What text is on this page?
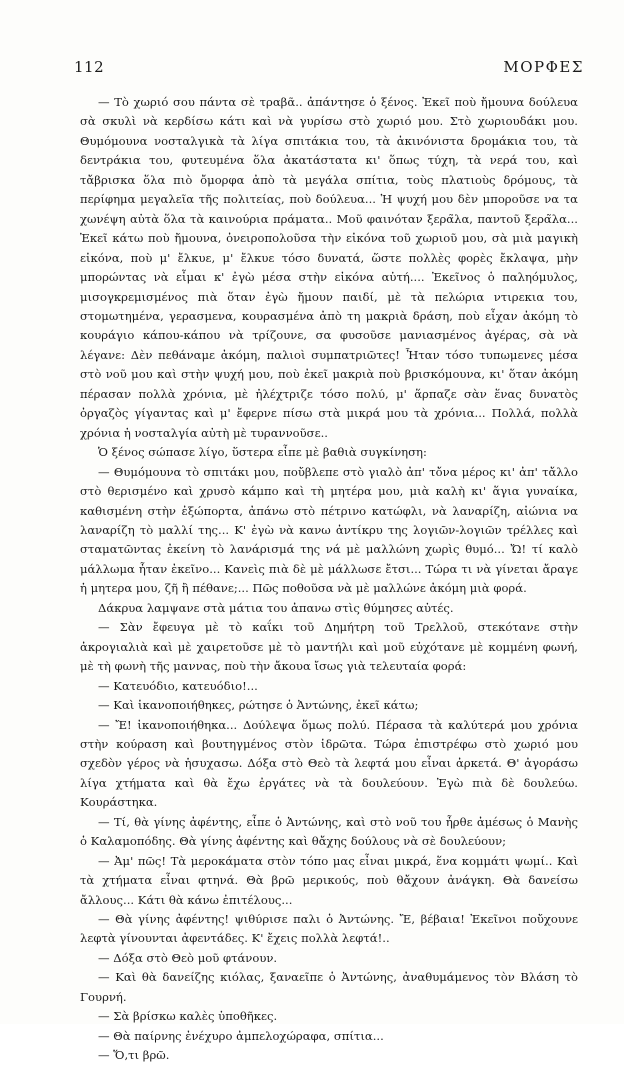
112	ΜΟΡΦΕΣ

— Τὸ χωριό σου πάντα σὲ τραβᾶ.. ἀπάντησε ὁ ξένος. Ἐκεῖ ποὺ ἤμουνα δούλευα σὰ σκυλὶ νὰ κερδίσω κάτι καὶ νὰ γυρίσω στὸ χωριό μου. Στὸ χωριουδάκι μου. Θυμόμουνα νοσταλγικὰ τὰ λίγα σπιτάκια του, τὰ ἀκινόνιστα δρομάκια του, τὰ δεντράκια του, φυτευμένα ὅλα ἀκατάστατα κι' ὅπως τύχη, τὰ νερά του, καὶ τἄβρισκα ὅλα πιὸ ὄμορφα ἀπὸ τὰ μεγάλα σπίτια, τοὺς πλατιοὺς δρόμους, τὰ περίφημα μεγαλεῖα τῆς πολιτείας, ποὺ δούλευα... Ἡ ψυχή μου δὲν μποροῦσε να τα χωνέψη αὐτὰ ὅλα τὰ καινούρια πράματα.. Μοῦ φαινόταν ξερα̃λα, παντοῦ ξερα̃λα... Ἐκεῖ κάτω ποὺ ἤμουνα, ὀνειροπολοῦσα τὴν εἰκόνα τοῦ χωριοῦ μου, σὰ μιὰ μαγικὴ εἰκόνα, ποὺ μ' ἔλκυε, μ' ἔλκυε τόσο δυνατά, ὥστε πολλὲς φορὲς ἔκλαψα, μὴν μπορώντας νὰ εἶμαι κ' ἐγὼ μέσα στὴν εἰκόνα αὐτή.... Ἐκεῖνος ὁ παληόμυλος, μισογκρεμισμένος πιὰ ὅταν ἐγὼ ἤμουν παιδί, μὲ τὰ πελώρια ντιρεκια του, στομωτημένα, γερασμενα, κουρασμένα ἀπὸ τη μακριὰ δράση, ποὺ εἶχαν ἀκόμη τὸ κουράγιο κάπου-κάπου νὰ τρίζουνε, σα φυσοῦσε μανιασμένος ἀγέρας, σὰ νὰ λέγανε: Δὲν πεθάναμε ἀκόμη, παλιοὶ συμπατριῶτες! Ἦταν τόσο τυπωμενες μέσα στὸ νοῦ μου καὶ στὴν ψυχή μου, ποὺ ἐκεῖ μακριὰ ποὺ βρισκόμουνα, κι' ὅταν ἀκόμη πέρασαν πολλὰ χρόνια, μὲ ἠλέχτριζε τόσο πολύ, μ' ἅρπαζε σὰν ἕνας δυνατὸς ὀργαζὸς γίγαντας καὶ μ' ἔφερνε πίσω στὰ μικρά μου τὰ χρόνια... Πολλά, πολλὰ χρόνια ἡ νοσταλγία αὐτὴ μὲ τυραννοῦσε..

Ὁ ξένος σώπασε λίγο, ὕστερα εἶπε μὲ βαθιὰ συγκίνηση:

— Θυμόμουνα τὸ σπιτάκι μου, ποὔβλεπε στὸ γιαλὸ ἀπ' τὄνα μέρος κι' ἀπ' τἄλλο στὸ θερισμένο καὶ χρυσὸ κάμπο καὶ τὴ μητέρα μου, μιὰ καλὴ κι' ἅγια γυναίκα, καθισμένη στὴν ἐξώπορτα, ἀπάνω στὸ πέτρινο κατώφλι, νὰ λαναρίζη, αἰώνια να λαναρίζη τὸ μαλλί της... Κ' ἐγὼ νὰ κανω ἀντίκρυ της λογιῶν-λογιῶν τρέλλες καὶ σταματῶντας ἐκείνη τὸ λανάρισμά της νά μὲ μαλλώνη χωρὶς θυμό... Ὤ! τί καλὸ μάλλωμα ἦταν ἐκεῖνο... Κανεὶς πιὰ δὲ μὲ μάλλωσε ἔτσι... Τώρα τι νὰ γίνεται ἄραγε ἡ μητερα μου, ζῆ ἢ πέθανε;... Πῶς ποθοῦσα νὰ μὲ μαλλώνε ἀκόμη μιὰ φορά.

Δάκρυα λαμψανε στὰ μάτια του ἀπανω στὶς θύμησες αὐτές.

— Σὰν ἔφευγα μὲ τὸ καΐκι τοῦ Δημήτρη τοῦ Τρελλοῦ, στεκότανε στὴν ἀκρογιαλιὰ καὶ μὲ χαιρετοῦσε μὲ τὸ μαντήλι καὶ μοῦ εὐχότανε μὲ κομμένη φωνή, μὲ τὴ φωνὴ τῆς μαννας, ποὺ τὴν ἄκουα ἴσως γιὰ τελευταία φορά:

— Κατευόδιο, κατευόδιο!...

— Καὶ ἱκανοποιήθηκες, ρώτησε ὁ Ἀντώνης, ἐκεῖ κάτω;

— Ἔ! ἱκανοποιήθηκα... Δούλεψα ὅμως πολύ. Πέρασα τὰ καλύτερά μου χρόνια στὴν κούραση καὶ βουτηγμένος στὸν ἱδρῶτα. Τώρα ἐπιστρέφω στὸ χωριό μου σχεδὸν γέρος νὰ ἡσυχασω. Δόξα στὸ Θεὸ τὰ λεφτά μου εἶναι ἀρκετά. Θ' ἀγοράσω λίγα χτήματα καὶ θὰ ἔχω ἐργάτες νὰ τὰ δουλεύουν. Ἐγὼ πιὰ δὲ δουλεύω. Κουράστηκα.

— Τί, θὰ γίνης ἀφέντης, εἶπε ὁ Ἀντώνης, καὶ στὸ νοῦ του ἦρθε ἀμέσως ὁ Μανὴς ὁ Καλαμοπόδης. Θὰ γίνης ἀφέντης καὶ θἄχης δούλους νὰ σὲ δουλεύουν;

— Ἀμ' πῶς! Τὰ μεροκάματα στὸν τόπο μας εἶναι μικρά, ἕνα κομμάτι ψωμί.. Καὶ τὰ χτήματα εἶναι φτηνά. Θὰ βρῶ μερικούς, ποὺ θἄχουν ἀνάγκη. Θὰ δανείσω ἄλλους... Κάτι θὰ κάνω ἐπιτέλους...

— Θὰ γίνης ἀφέντης! ψιθύρισε παλι ὁ Ἀντώνης. Ἔ, βέβαια! Ἐκεῖνοι ποὔχουνε λεφτὰ γίνουνται ἀφεντάδες. Κ' ἔχεις πολλὰ λεφτά!..

— Δόξα στὸ Θεὸ μοῦ φτάνουν.

— Καὶ θὰ δανείζης κιόλας, ξαναεῖπε ὁ Ἀντώνης, ἀναθυμάμενος τὸν Βλάση τὸ Γουρνή.

— Σὰ βρίσκω καλὲς ὑποθῆκες.

— Θὰ παίρνης ἐνέχυρο ἀμπελοχώραφα, σπίτια...

— Ὅ,τι βρῶ.
